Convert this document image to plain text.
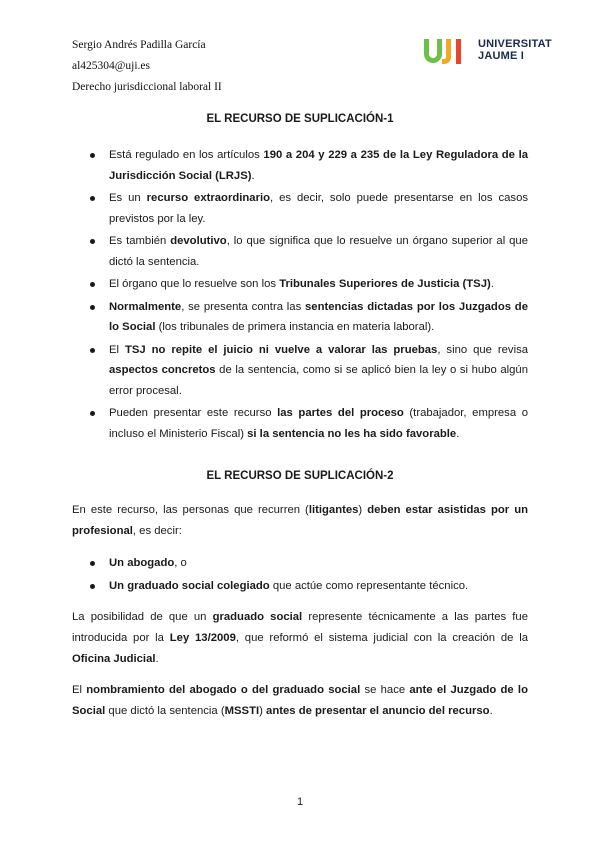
Sergio Andrés Padilla García
al425304@uji.es
Derecho jurisdiccional laboral II
UNIVERSITAT
JAUME I
EL RECURSO DE SUPLICACIÓN-1
Está regulado en los artículos 190 a 204 y 229 a 235 de la Ley Reguladora de la Jurisdicción Social (LRJS).
Es un recurso extraordinario, es decir, solo puede presentarse en los casos previstos por la ley.
Es también devolutivo, lo que significa que lo resuelve un órgano superior al que dictó la sentencia.
El órgano que lo resuelve son los Tribunales Superiores de Justicia (TSJ).
Normalmente, se presenta contra las sentencias dictadas por los Juzgados de lo Social (los tribunales de primera instancia en materia laboral).
El TSJ no repite el juicio ni vuelve a valorar las pruebas, sino que revisa aspectos concretos de la sentencia, como si se aplicó bien la ley o si hubo algún error procesal.
Pueden presentar este recurso las partes del proceso (trabajador, empresa o incluso el Ministerio Fiscal) si la sentencia no les ha sido favorable.
EL RECURSO DE SUPLICACIÓN-2

En este recurso, las personas que recurren (litigantes) deben estar asistidas por un profesional, es decir:

Un abogado, o
Un graduado social colegiado que actúe como representante técnico.

La posibilidad de que un graduado social represente técnicamente a las partes fue introducida por la Ley 13/2009, que reformó el sistema judicial con la creación de la Oficina Judicial.

El nombramiento del abogado o del graduado social se hace ante el Juzgado de lo Social que dictó la sentencia (MSSTI) antes de presentar el anuncio del recurso.

1
